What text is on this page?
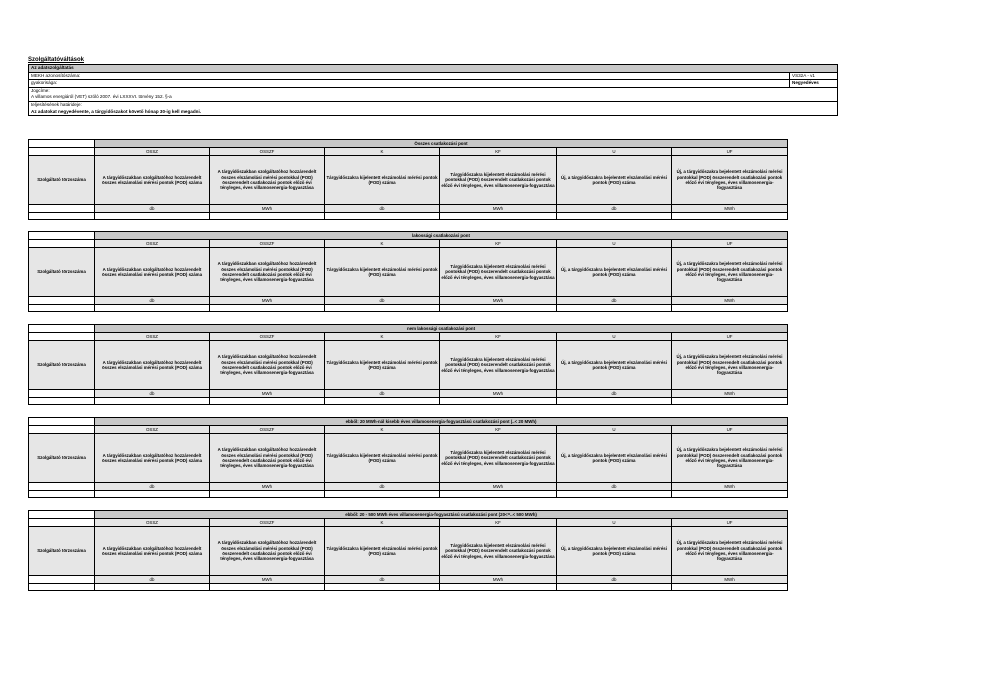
Szolgáltatóváltások
Az adatszolgáltatás
MEKH azonosítószáma:	VS32A - v1
gyakorisága:	Negyedéves
Jogcíme:
A villamos energiáról (VET) szóló 2007. évi LXXXVI. törvény 152. §-a
teljesítésének határideje:
Az adatokat negyedévente, a tárgyidőszakot követő hónap 30-ig kell megadni.
	Összes csatlakozási pont					
	OSSZ	OSSZF	K	KF	U	UF
Szolgáltató törzsszáma	A tárgyidőszakban szolgáltatóhoz hozzárendelt összes elszámolási mérési pontok (POD) száma	A tárgyidőszakban szolgáltatóhoz hozzárendelt összes elszámolási mérési pontokkal (POD) összerendelt csatlakozási pontok előző évi tényleges, éves villamosenergia-fogyasztása	Tárgyidőszakra kijelentett elszámolási mérési pontok (POD) száma	Tárgyidőszakra kijelentett elszámolási mérési pontokkal (POD) összerendelt csatlakozási pontok előző évi tényleges, éves villamosenergia-fogyasztása	Új, a tárgyidőszakra bejelentett elszámolási mérési pontok (POD) száma	Új, a tárgyidőszakra bejelentett elszámolási mérési pontokkal (POD) összerendelt csatlakozási pontok előző évi tényleges, éves villamosenergia-fogyasztása
	db	MWh	db	MWh	db	MWh

	lakossági csatlakozási pont					
	OSSZ	OSSZF	K	KF	U	UF
Szolgáltató törzsszáma	A tárgyidőszakban szolgáltatóhoz hozzárendelt összes elszámolási mérési pontok (POD) száma	A tárgyidőszakban szolgáltatóhoz hozzárendelt összes elszámolási mérési pontokkal (POD) összerendelt csatlakozási pontok előző évi tényleges, éves villamosenergia-fogyasztása	Tárgyidőszakra kijelentett elszámolási mérési pontok (POD) száma	Tárgyidőszakra kijelentett elszámolási mérési pontokkal (POD) összerendelt csatlakozási pontok előző évi tényleges, éves villamosenergia-fogyasztása	Új, a tárgyidőszakra bejelentett elszámolási mérési pontok (POD) száma	Új, a tárgyidőszakra bejelentett elszámolási mérési pontokkal (POD) összerendelt csatlakozási pontok előző évi tényleges, éves villamosenergia-fogyasztása
	db	MWh	db	MWh	db	MWh

	nem lakossági csatlakozási pont					
	OSSZ	OSSZF	K	KF	U	UF
Szolgáltató törzsszáma	A tárgyidőszakban szolgáltatóhoz hozzárendelt összes elszámolási mérési pontok (POD) száma	A tárgyidőszakban szolgáltatóhoz hozzárendelt összes elszámolási mérési pontokkal (POD) összerendelt csatlakozási pontok előző évi tényleges, éves villamosenergia-fogyasztása	Tárgyidőszakra kijelentett elszámolási mérési pontok (POD) száma	Tárgyidőszakra kijelentett elszámolási mérési pontokkal (POD) összerendelt csatlakozási pontok előző évi tényleges, éves villamosenergia-fogyasztása	Új, a tárgyidőszakra bejelentett elszámolási mérési pontok (POD) száma	Új, a tárgyidőszakra bejelentett elszámolási mérési pontokkal (POD) összerendelt csatlakozási pontok előző évi tényleges, éves villamosenergia-fogyasztása
	db	MWh	db	MWh	db	MWh

	ebből: 20 MWh-nál kisebb éves villamosenergia-fogyasztású csatlakozási pont (..< 20 MWh)					
	OSSZ	OSSZF	K	KF	U	UF
Szolgáltató törzsszáma	A tárgyidőszakban szolgáltatóhoz hozzárendelt összes elszámolási mérési pontok (POD) száma	A tárgyidőszakban szolgáltatóhoz hozzárendelt összes elszámolási mérési pontokkal (POD) összerendelt csatlakozási pontok előző évi tényleges, éves villamosenergia-fogyasztása	Tárgyidőszakra kijelentett elszámolási mérési pontok (POD) száma	Tárgyidőszakra kijelentett elszámolási mérési pontokkal (POD) összerendelt csatlakozási pontok előző évi tényleges, éves villamosenergia-fogyasztása	Új, a tárgyidőszakra bejelentett elszámolási mérési pontok (POD) száma	Új, a tárgyidőszakra bejelentett elszámolási mérési pontokkal (POD) összerendelt csatlakozási pontok előző évi tényleges, éves villamosenergia-fogyasztása
	db	MWh	db	MWh	db	MWh

	ebből: 20 - 500 MWh éves villamosenergia-fogyasztású csatlakozási pont (20<=..< 500 MWh)					
	OSSZ	OSSZF	K	KF	U	UF
Szolgáltató törzsszáma	A tárgyidőszakban szolgáltatóhoz hozzárendelt összes elszámolási mérési pontok (POD) száma	A tárgyidőszakban szolgáltatóhoz hozzárendelt összes elszámolási mérési pontokkal (POD) összerendelt csatlakozási pontok előző évi tényleges, éves villamosenergia-fogyasztása	Tárgyidőszakra kijelentett elszámolási mérési pontok (POD) száma	Tárgyidőszakra kijelentett elszámolási mérési pontokkal (POD) összerendelt csatlakozási pontok előző évi tényleges, éves villamosenergia-fogyasztása	Új, a tárgyidőszakra bejelentett elszámolási mérési pontok (POD) száma	Új, a tárgyidőszakra bejelentett elszámolási mérési pontokkal (POD) összerendelt csatlakozási pontok előző évi tényleges, éves villamosenergia-fogyasztása
	db	MWh	db	MWh	db	MWh
